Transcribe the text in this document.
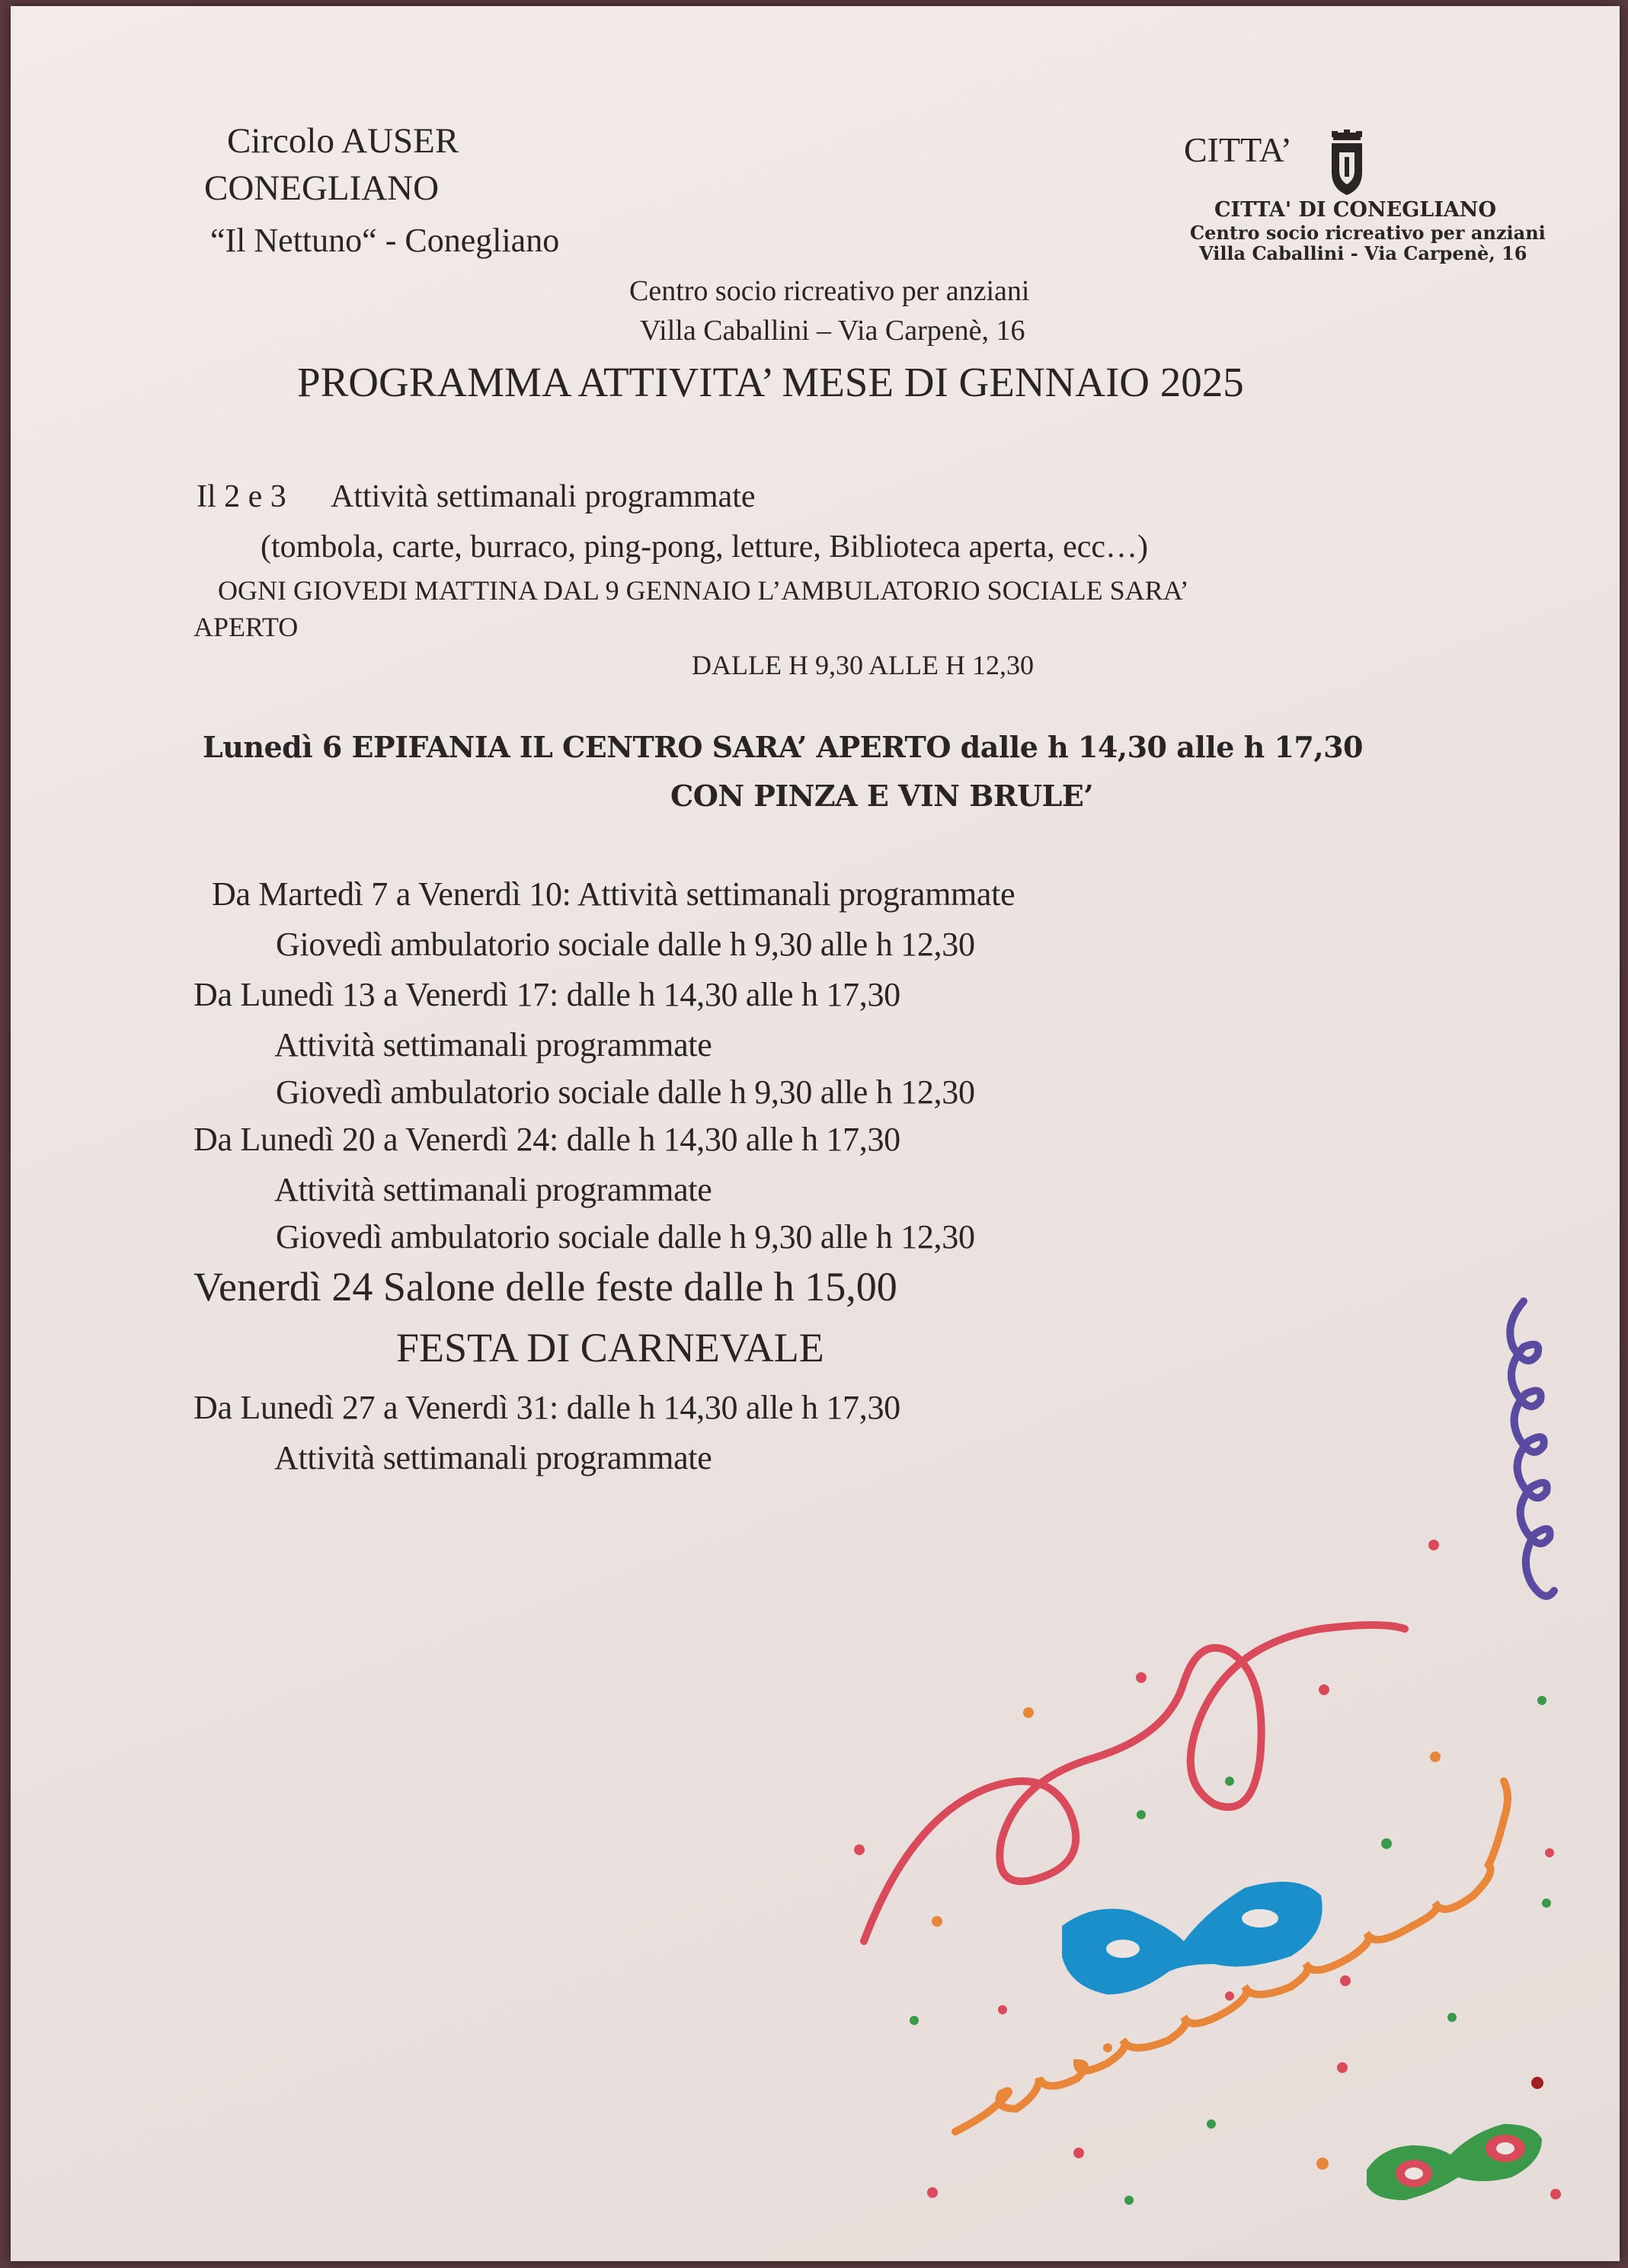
Circolo AUSER
CONEGLIANO
“Il Nettuno“ - Conegliano
CITTA’
CITTA' DI CONEGLIANO
Centro socio ricreativo per anziani
Villa Caballini - Via Carpenè, 16
Centro socio ricreativo per anziani
Villa Caballini – Via Carpenè, 16
PROGRAMMA ATTIVITA’ MESE DI GENNAIO 2025
Il 2 e 3 Attività settimanali programmate
(tombola, carte, burraco, ping-pong, letture, Biblioteca aperta, ecc…)
OGNI GIOVEDI MATTINA DAL 9 GENNAIO L’AMBULATORIO SOCIALE SARA’
APERTO
DALLE H 9,30 ALLE H 12,30
Lunedì 6 EPIFANIA IL CENTRO SARA’ APERTO dalle h 14,30 alle h 17,30
CON PINZA E VIN BRULE’
Da Martedì 7 a Venerdì 10: Attività settimanali programmate
Giovedì ambulatorio sociale dalle h 9,30 alle h 12,30
Da Lunedì 13 a Venerdì 17: dalle h 14,30 alle h 17,30
Attività settimanali programmate
Giovedì ambulatorio sociale dalle h 9,30 alle h 12,30
Da Lunedì 20 a Venerdì 24: dalle h 14,30 alle h 17,30
Attività settimanali programmate
Giovedì ambulatorio sociale dalle h 9,30 alle h 12,30
Venerdì 24 Salone delle feste dalle h 15,00
FESTA DI CARNEVALE
Da Lunedì 27 a Venerdì 31: dalle h 14,30 alle h 17,30
Attività settimanali programmate
